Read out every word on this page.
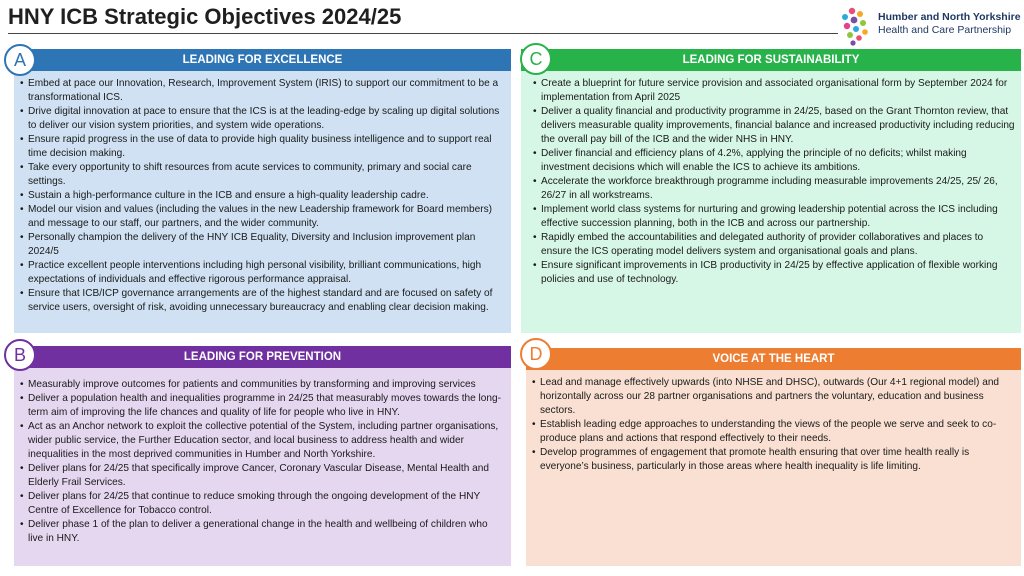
HNY ICB Strategic Objectives 2024/25	Humber and North Yorkshire
Health and Care Partnership
A	LEADING FOR EXCELLENCE
• Embed at pace our Innovation, Research, Improvement System (IRIS) to support our commitment to be a transformational ICS.
• Drive digital innovation at pace to ensure that the ICS is at the leading-edge by scaling up digital solutions to deliver our vision system priorities, and system wide operations.
• Ensure rapid progress in the use of data to provide high quality business intelligence and to support real time decision making.
• Take every opportunity to shift resources from acute services to community, primary and social care settings.
• Sustain a high-performance culture in the ICB and ensure a high-quality leadership cadre.
• Model our vision and values (including the values in the new Leadership framework for Board members) and message to our staff, our partners, and the wider community.
• Personally champion the delivery of the HNY ICB Equality, Diversity and Inclusion improvement plan 2024/5
• Practice excellent people interventions including high personal visibility, brilliant communications, high expectations of individuals and effective rigorous performance appraisal.
• Ensure that ICB/ICP governance arrangements are of the highest standard and are focused on safety of service users, oversight of risk, avoiding unnecessary bureaucracy and enabling clear decision making.
C	LEADING FOR SUSTAINABILITY
• Create a blueprint for future service provision and associated organisational form by September 2024 for implementation from April 2025
• Deliver a quality financial and productivity programme in 24/25, based on the Grant Thornton review, that delivers measurable quality improvements, financial balance and increased productivity including reducing the overall pay bill of the ICB and the wider NHS in HNY.
• Deliver financial and efficiency plans of 4.2%, applying the principle of no deficits; whilst making investment decisions which will enable the ICS to achieve its ambitions.
• Accelerate the workforce breakthrough programme including measurable improvements 24/25, 25/ 26, 26/27 in all workstreams.
• Implement world class systems for nurturing and growing leadership potential across the ICS including effective succession planning, both in the ICB and across our partnership.
• Rapidly embed the accountabilities and delegated authority of provider collaboratives and places to ensure the ICS operating model delivers system and organisational goals and plans.
• Ensure significant improvements in ICB productivity in 24/25 by effective application of flexible working policies and use of technology.
B	LEADING FOR PREVENTION
• Measurably improve outcomes for patients and communities by transforming and improving services
• Deliver a population health and inequalities programme in 24/25 that measurably moves towards the long-term aim of improving the life chances and quality of life for people who live in HNY.
• Act as an Anchor network to exploit the collective potential of the System, including partner organisations, wider public service, the Further Education sector, and local business to address health and wider inequalities in the most deprived communities in Humber and North Yorkshire.
• Deliver plans for 24/25 that specifically improve Cancer, Coronary Vascular Disease, Mental Health and Elderly Frail Services.
• Deliver plans for 24/25 that continue to reduce smoking through the ongoing development of the HNY Centre of Excellence for Tobacco control.
• Deliver phase 1 of the plan to deliver a generational change in the health and wellbeing of children who live in HNY.
D	VOICE AT THE HEART
• Lead and manage effectively upwards (into NHSE and DHSC), outwards (Our 4+1 regional model) and horizontally across our 28 partner organisations and partners the voluntary, education and business sectors.
• Establish leading edge approaches to understanding the views of the people we serve and seek to co-produce plans and actions that respond effectively to their needs.
• Develop programmes of engagement that promote health ensuring that over time health really is everyone’s business, particularly in those areas where health inequality is life limiting.
